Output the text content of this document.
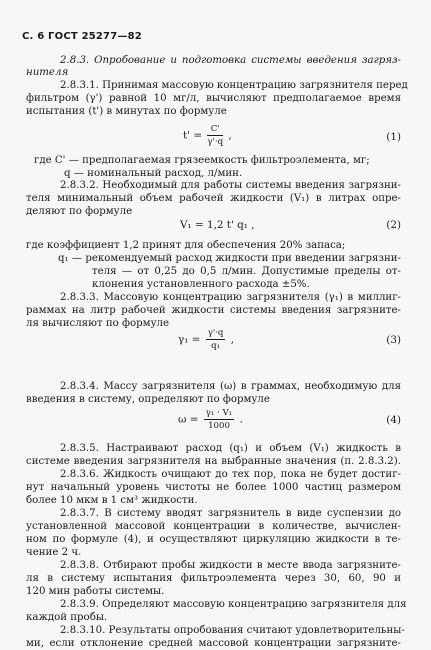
С. 6 ГОСТ 25277—82
2.8.3. Опробование и подготовка системы введения загряз-
нителя
2.8.3.1. Принимая массовую концентрацию загрязнителя перед
фильтром (γ') равной 10 мг/л, вычисляют предполагаемое время
испытания (t') в минутах по формуле
где C' — предполагаемая грязеемкость фильтроэлемента, мг;
q — номинальный расход, л/мин.
2.8.3.2. Необходимый для работы системы введения загрязни-
теля минимальный объем рабочей жидкости (V₁) в литрах опре-
деляют по формуле
где коэффициент 1,2 принят для обеспечения 20% запаса;
q₁ — рекомендуемый расход жидкости при введении загрязни-
теля — от 0,25 до 0,5 л/мин. Допустимые пределы от-
клонения установленного расхода ±5%.
2.8.3.3. Массовую концентрацию загрязнителя (γ₁) в миллиг-
раммах на литр рабочей жидкости системы введения загрязните-
ля вычисляют по формуле
2.8.3.4. Массу загрязнителя (ω) в граммах, необходимую для
введения в систему, определяют по формуле
2.8.3.5. Настраивают расход (q₁) и объем (V₁) жидкость в
системе введения загрязнителя на выбранные значения (п. 2.8.3.2).
2.8.3.6. Жидкость очищают до тех пор, пока не будет достиг-
нут начальный уровень чистоты не более 1000 частиц размером
более 10 мкм в 1 см³ жидкости.
2.8.3.7. В систему вводят загрязнитель в виде суспензии до
установленной массовой концентрации в количестве, вычислен-
ном по формуле (4), и осуществляют циркуляцию жидкости в те-
чение 2 ч.
2.8.3.8. Отбирают пробы жидкости в месте ввода загрязните-
ля в систему испытания фильтроэлемента через 30, 60, 90 и
120 мин работы системы.
2.8.3.9. Определяют массовую концентрацию загрязнителя для
каждой пробы.
2.8.3.10. Результаты опробования считают удовлетворительны-
ми, если отклонение средней массовой концентрации загрязните-
$t' = \frac{C'}{\gamma'\cdot q}$ ,	(1)
V₁ = 1,2 t' q₁ ,	(2)
$\gamma_1 = \frac{\gamma'\cdot q}{\text{q₁}}$ ,	(3)
$\omega = \frac{\text{γ₁ · V₁}}{1000}$ .	(4)
